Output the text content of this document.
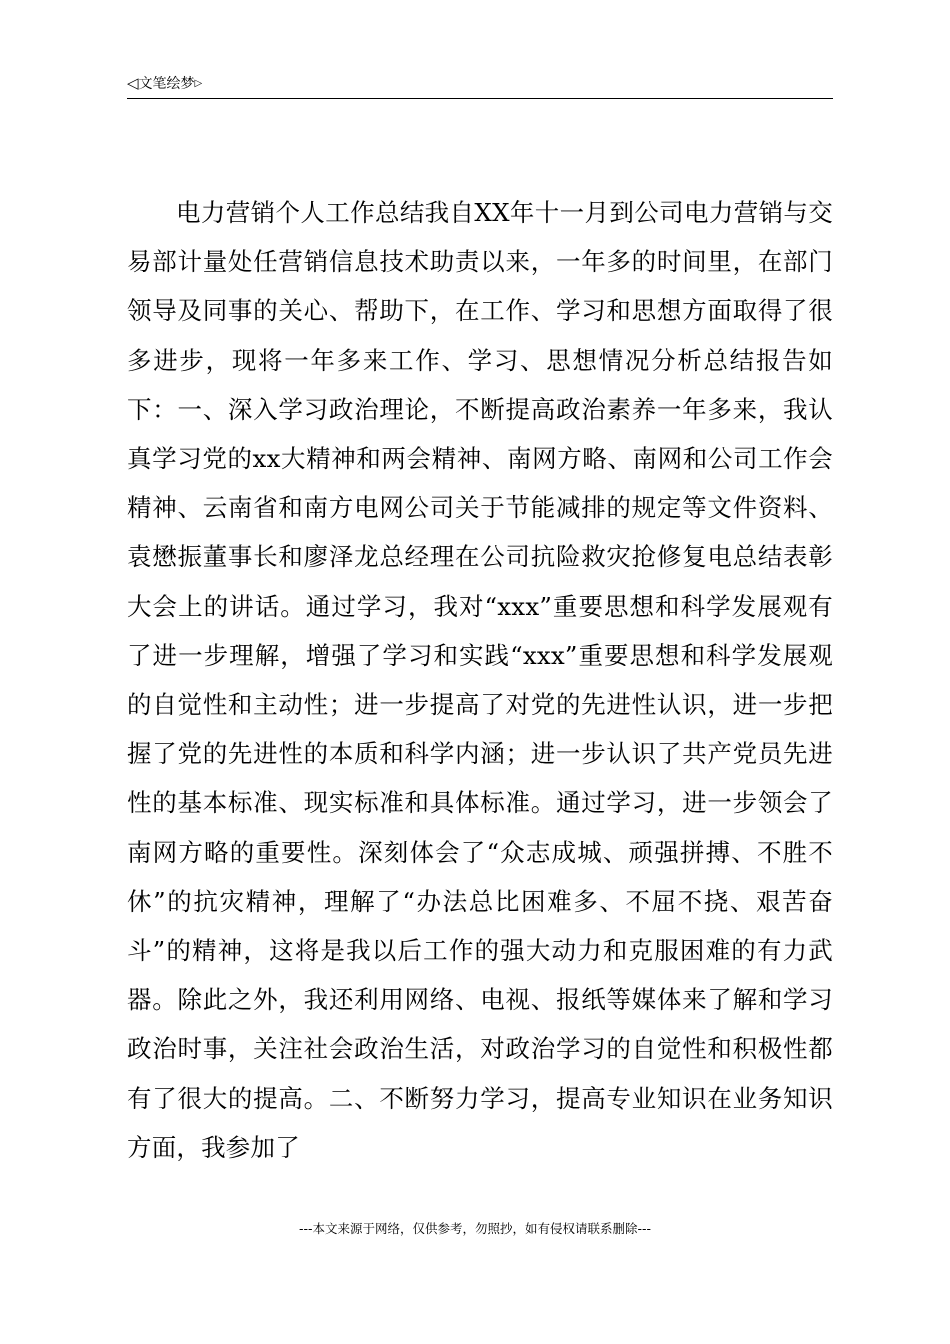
◁文笔绘梦▷

电力营销个人工作总结我自XX年十一月到公司电力营销与交易部计量处任营销信息技术助责以来，一年多的时间里，在部门领导及同事的关心、帮助下，在工作、学习和思想方面取得了很多进步，现将一年多来工作、学习、思想情况分析总结报告如下：一、深入学习政治理论，不断提高政治素养一年多来，我认真学习党的xx大精神和两会精神、南网方略、南网和公司工作会精神、云南省和南方电网公司关于节能减排的规定等文件资料、袁懋振董事长和廖泽龙总经理在公司抗险救灾抢修复电总结表彰大会上的讲话。通过学习，我对“xxx”重要思想和科学发展观有了进一步理解，增强了学习和实践“xxx”重要思想和科学发展观的自觉性和主动性；进一步提高了对党的先进性认识，进一步把握了党的先进性的本质和科学内涵；进一步认识了共产党员先进性的基本标准、现实标准和具体标准。通过学习，进一步领会了南网方略的重要性。深刻体会了“众志成城、顽强拼搏、不胜不休”的抗灾精神，理解了“办法总比困难多、不屈不挠、艰苦奋斗”的精神，这将是我以后工作的强大动力和克服困难的有力武器。除此之外，我还利用网络、电视、报纸等媒体来了解和学习政治时事，关注社会政治生活，对政治学习的自觉性和积极性都有了很大的提高。二、不断努力学习，提高专业知识在业务知识方面，我参加了

---本文来源于网络，仅供参考，勿照抄，如有侵权请联系删除---
